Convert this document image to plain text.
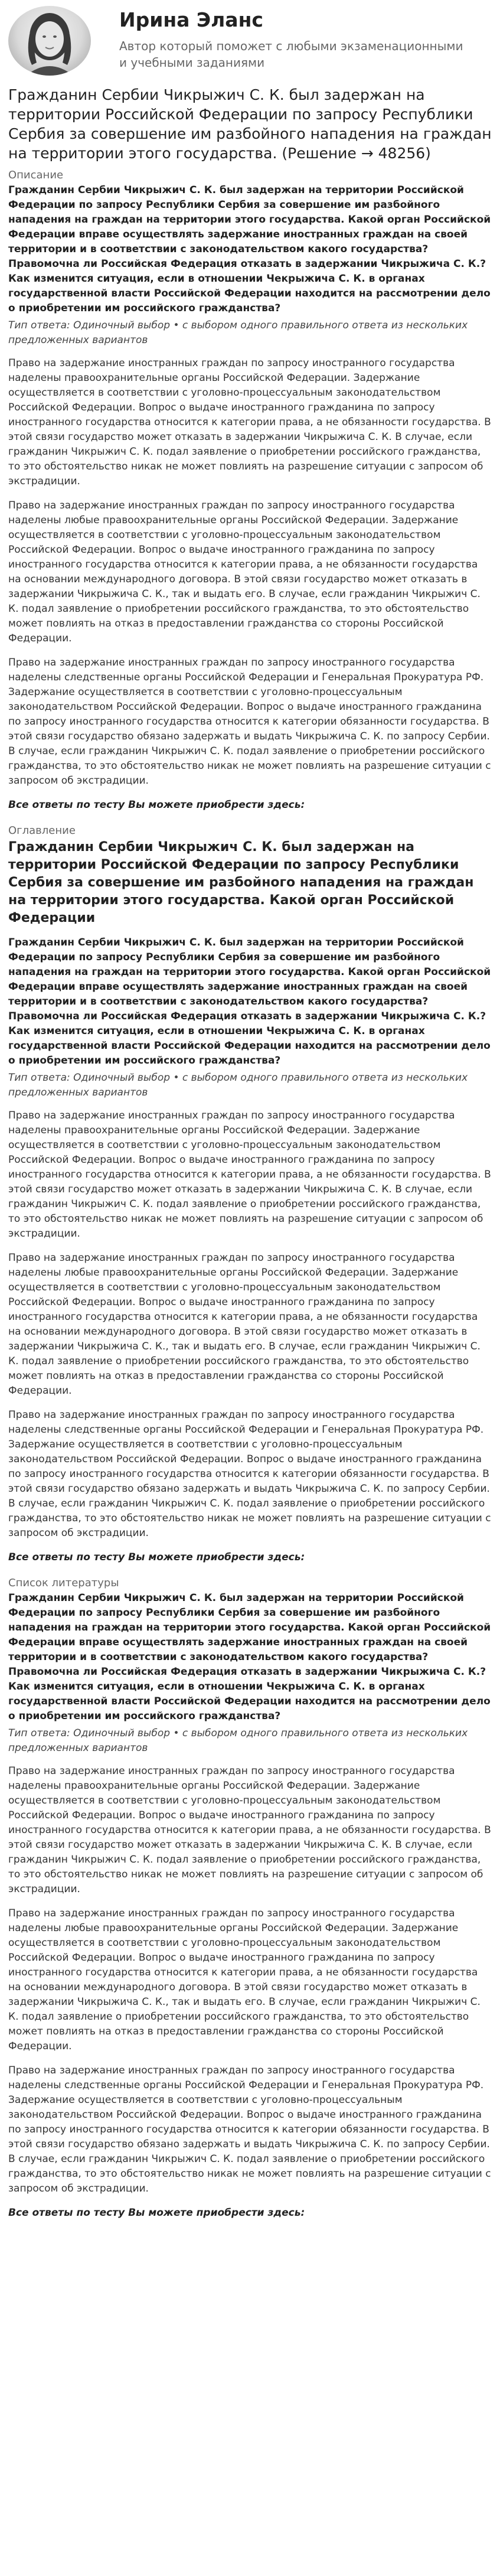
Ирина Эланс
Автор который поможет с любыми экзаменационными и учебными заданиями
Гражданин Сербии Чикрыжич С. К. был задержан на территории Российской Федерации по запросу Республики Сербия за совершение им разбойного нападения на граждан на территории этого государства. (Решение → 48256)
Описание
Гражданин Сербии Чикрыжич С. К. был задержан на территории Российской Федерации по запросу Республики Сербия за совершение им разбойного нападения на граждан на территории этого государства. Какой орган Российской Федерации вправе осуществлять задержание иностранных граждан на своей территории и в соответствии с законодательством какого государства? Правомочна ли Российская Федерация отказать в задержании Чикрыжича С. К.? Как изменится ситуация, если в отношении Чекрыжича С. К. в органах государственной власти Российской Федерации находится на рассмотрении дело о приобретении им российского гражданства?
Тип ответа: Одиночный выбор • с выбором одного правильного ответа из нескольких предложенных вариантов

Право на задержание иностранных граждан по запросу иностранного государства наделены правоохранительные органы Российской Федерации. Задержание осуществляется в соответствии с уголовно-процессуальным законодательством Российской Федерации. Вопрос о выдаче иностранного гражданина по запросу иностранного государства относится к категории права, а не обязанности государства. В этой связи государство может отказать в задержании Чикрыжича С. К. В случае, если гражданин Чикрыжич С. К. подал заявление о приобретении российского гражданства, то это обстоятельство никак не может повлиять на разрешение ситуации с запросом об экстрадиции.

Право на задержание иностранных граждан по запросу иностранного государства наделены любые правоохранительные органы Российской Федерации. Задержание осуществляется в соответствии с уголовно-процессуальным законодательством Российской Федерации. Вопрос о выдаче иностранного гражданина по запросу иностранного государства относится к категории права, а не обязанности государства на основании международного договора. В этой связи государство может отказать в задержании Чикрыжича С. К., так и выдать его. В случае, если гражданин Чикрыжич С. К. подал заявление о приобретении российского гражданства, то это обстоятельство может повлиять на отказ в предоставлении гражданства со стороны Российской Федерации.

Право на задержание иностранных граждан по запросу иностранного государства наделены следственные органы Российской Федерации и Генеральная Прокуратура РФ. Задержание осуществляется в соответствии с уголовно-процессуальным законодательством Российской Федерации. Вопрос о выдаче иностранного гражданина по запросу иностранного государства относится к категории обязанности государства. В этой связи государство обязано задержать и выдать Чикрыжича С. К. по запросу Сербии. В случае, если гражданин Чикрыжич С. К. подал заявление о приобретении российского гражданства, то это обстоятельство никак не может повлиять на разрешение ситуации с запросом об экстрадиции.

Все ответы по тесту Вы можете приобрести здесь:
Оглавление
Гражданин Сербии Чикрыжич С. К. был задержан на территории Российской Федерации по запросу Республики Сербия за совершение им разбойного нападения на граждан на территории этого государства. Какой орган Российской Федерации
Гражданин Сербии Чикрыжич С. К. был задержан на территории Российской Федерации по запросу Республики Сербия за совершение им разбойного нападения на граждан на территории этого государства. Какой орган Российской Федерации вправе осуществлять задержание иностранных граждан на своей территории и в соответствии с законодательством какого государства? Правомочна ли Российская Федерация отказать в задержании Чикрыжича С. К.? Как изменится ситуация, если в отношении Чекрыжича С. К. в органах государственной власти Российской Федерации находится на рассмотрении дело о приобретении им российского гражданства?
Тип ответа: Одиночный выбор • с выбором одного правильного ответа из нескольких предложенных вариантов

Право на задержание иностранных граждан по запросу иностранного государства наделены правоохранительные органы Российской Федерации. Задержание осуществляется в соответствии с уголовно-процессуальным законодательством Российской Федерации. Вопрос о выдаче иностранного гражданина по запросу иностранного государства относится к категории права, а не обязанности государства. В этой связи государство может отказать в задержании Чикрыжича С. К. В случае, если гражданин Чикрыжич С. К. подал заявление о приобретении российского гражданства, то это обстоятельство никак не может повлиять на разрешение ситуации с запросом об экстрадиции.

Право на задержание иностранных граждан по запросу иностранного государства наделены любые правоохранительные органы Российской Федерации. Задержание осуществляется в соответствии с уголовно-процессуальным законодательством Российской Федерации. Вопрос о выдаче иностранного гражданина по запросу иностранного государства относится к категории права, а не обязанности государства на основании международного договора. В этой связи государство может отказать в задержании Чикрыжича С. К., так и выдать его. В случае, если гражданин Чикрыжич С. К. подал заявление о приобретении российского гражданства, то это обстоятельство может повлиять на отказ в предоставлении гражданства со стороны Российской Федерации.

Право на задержание иностранных граждан по запросу иностранного государства наделены следственные органы Российской Федерации и Генеральная Прокуратура РФ. Задержание осуществляется в соответствии с уголовно-процессуальным законодательством Российской Федерации. Вопрос о выдаче иностранного гражданина по запросу иностранного государства относится к категории обязанности государства. В этой связи государство обязано задержать и выдать Чикрыжича С. К. по запросу Сербии. В случае, если гражданин Чикрыжич С. К. подал заявление о приобретении российского гражданства, то это обстоятельство никак не может повлиять на разрешение ситуации с запросом об экстрадиции.

Все ответы по тесту Вы можете приобрести здесь:
Список литературы
Гражданин Сербии Чикрыжич С. К. был задержан на территории Российской Федерации по запросу Республики Сербия за совершение им разбойного нападения на граждан на территории этого государства. Какой орган Российской Федерации вправе осуществлять задержание иностранных граждан на своей территории и в соответствии с законодательством какого государства? Правомочна ли Российская Федерация отказать в задержании Чикрыжича С. К.? Как изменится ситуация, если в отношении Чекрыжича С. К. в органах государственной власти Российской Федерации находится на рассмотрении дело о приобретении им российского гражданства?
Тип ответа: Одиночный выбор • с выбором одного правильного ответа из нескольких предложенных вариантов

Право на задержание иностранных граждан по запросу иностранного государства наделены правоохранительные органы Российской Федерации. Задержание осуществляется в соответствии с уголовно-процессуальным законодательством Российской Федерации. Вопрос о выдаче иностранного гражданина по запросу иностранного государства относится к категории права, а не обязанности государства. В этой связи государство может отказать в задержании Чикрыжича С. К. В случае, если гражданин Чикрыжич С. К. подал заявление о приобретении российского гражданства, то это обстоятельство никак не может повлиять на разрешение ситуации с запросом об экстрадиции.

Право на задержание иностранных граждан по запросу иностранного государства наделены любые правоохранительные органы Российской Федерации. Задержание осуществляется в соответствии с уголовно-процессуальным законодательством Российской Федерации. Вопрос о выдаче иностранного гражданина по запросу иностранного государства относится к категории права, а не обязанности государства на основании международного договора. В этой связи государство может отказать в задержании Чикрыжича С. К., так и выдать его. В случае, если гражданин Чикрыжич С. К. подал заявление о приобретении российского гражданства, то это обстоятельство может повлиять на отказ в предоставлении гражданства со стороны Российской Федерации.

Право на задержание иностранных граждан по запросу иностранного государства наделены следственные органы Российской Федерации и Генеральная Прокуратура РФ. Задержание осуществляется в соответствии с уголовно-процессуальным законодательством Российской Федерации. Вопрос о выдаче иностранного гражданина по запросу иностранного государства относится к категории обязанности государства. В этой связи государство обязано задержать и выдать Чикрыжича С. К. по запросу Сербии. В случае, если гражданин Чикрыжич С. К. подал заявление о приобретении российского гражданства, то это обстоятельство никак не может повлиять на разрешение ситуации с запросом об экстрадиции.

Все ответы по тесту Вы можете приобрести здесь:
